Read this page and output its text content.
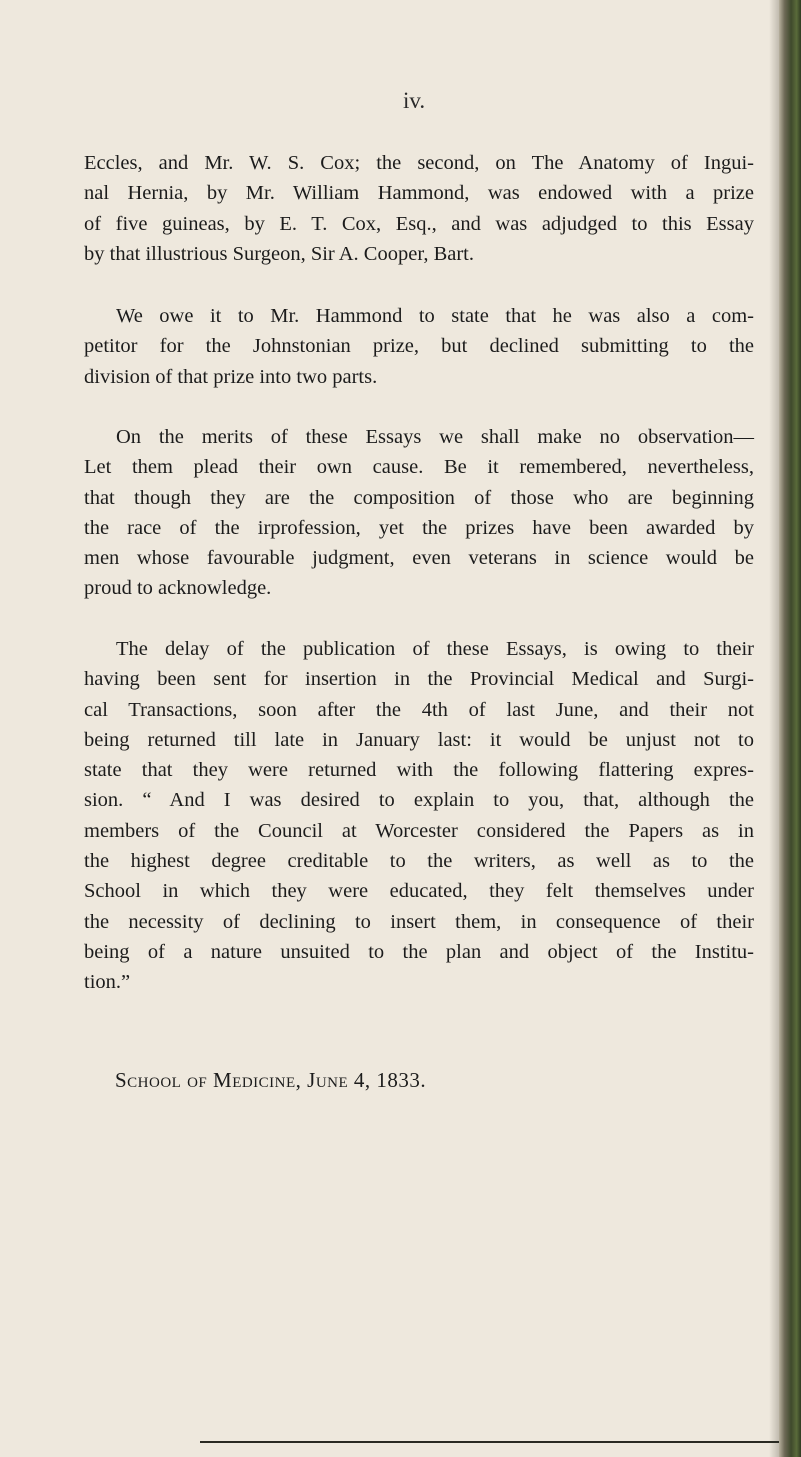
iv.

Eccles, and Mr. W. S. Cox; the second, on The Anatomy of Ingui-
nal Hernia, by Mr. William Hammond, was endowed with a prize
of five guineas, by E. T. Cox, Esq., and was adjudged to this Essay
by that illustrious Surgeon, Sir A. Cooper, Bart.

We owe it to Mr. Hammond to state that he was also a com-
petitor for the Johnstonian prize, but declined submitting to the
division of that prize into two parts.

On the merits of these Essays we shall make no observation—
Let them plead their own cause. Be it remembered, nevertheless,
that though they are the composition of those who are beginning
the race of the irprofession, yet the prizes have been awarded by
men whose favourable judgment, even veterans in science would be
proud to acknowledge.

The delay of the publication of these Essays, is owing to their
having been sent for insertion in the Provincial Medical and Surgi-
cal Transactions, soon after the 4th of last June, and their not
being returned till late in January last: it would be unjust not to
state that they were returned with the following flattering expres-
sion. “ And I was desired to explain to you, that, although the
members of the Council at Worcester considered the Papers as in
the highest degree creditable to the writers, as well as to the
School in which they were educated, they felt themselves under
the necessity of declining to insert them, in consequence of their
being of a nature unsuited to the plan and object of the Institu-
tion.”

School of Medicine, June 4, 1833.
